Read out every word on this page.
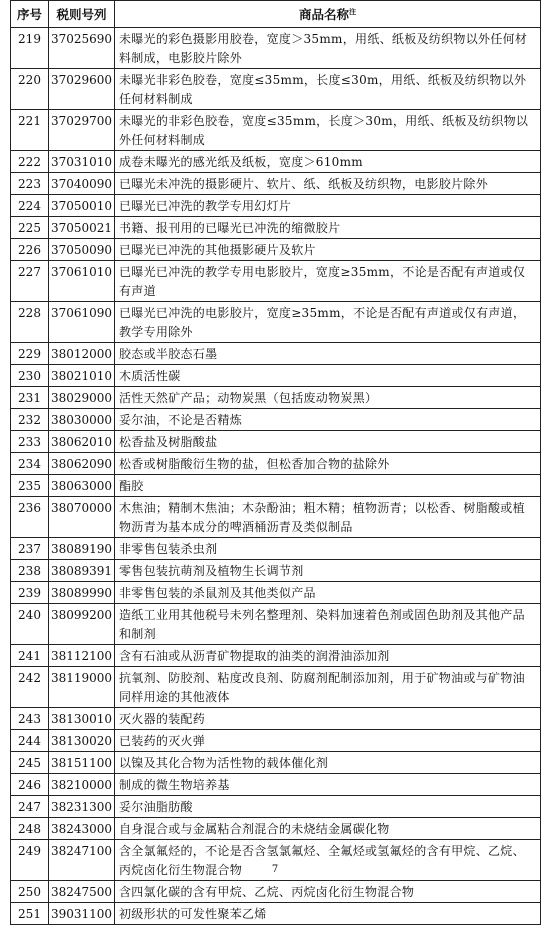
序号	税则号列	商品名称$^注$
219	37025690	未曝光的彩色摄影用胶卷，宽度＞35mm，用纸、纸板及纺织物以外任何材料制成，电影胶片除外
220	37029600	未曝光非彩色胶卷，宽度≤35mm，长度≤30m，用纸、纸板及纺织物以外任何材料制成
221	37029700	未曝光的非彩色胶卷，宽度≤35mm，长度＞30m，用纸、纸板及纺织物以外任何材料制成
222	37031010	成卷未曝光的感光纸及纸板，宽度＞610mm
223	37040090	已曝光未冲洗的摄影硬片、软片、纸、纸板及纺织物，电影胶片除外
224	37050010	已曝光已冲洗的教学专用幻灯片
225	37050021	书籍、报刊用的已曝光已冲洗的缩微胶片
226	37050090	已曝光已冲洗的其他摄影硬片及软片
227	37061010	已曝光已冲洗的教学专用电影胶片，宽度≥35mm，不论是否配有声道或仅有声道
228	37061090	已曝光已冲洗的电影胶片，宽度≥35mm，不论是否配有声道或仅有声道，教学专用除外
229	38012000	胶态或半胶态石墨
230	38021010	木质活性碳
231	38029000	活性天然矿产品；动物炭黑（包括废动物炭黑）
232	38030000	妥尔油，不论是否精炼
233	38062010	松香盐及树脂酸盐
234	38062090	松香或树脂酸衍生物的盐，但松香加合物的盐除外
235	38063000	酯胶
236	38070000	木焦油；精制木焦油；木杂酚油；粗木精；植物沥青；以松香、树脂酸或植物沥青为基本成分的啤酒桶沥青及类似制品
237	38089190	非零售包装杀虫剂
238	38089391	零售包装抗萌剂及植物生长调节剂
239	38089990	非零售包装的杀鼠剂及其他类似产品
240	38099200	造纸工业用其他税号未列名整理剂、染料加速着色剂或固色助剂及其他产品和制剂
241	38112100	含有石油或从沥青矿物提取的油类的润滑油添加剂
242	38119000	抗氧剂、防胶剂、粘度改良剂、防腐剂配制添加剂，用于矿物油或与矿物油同样用途的其他液体
243	38130010	灭火器的装配药
244	38130020	已装药的灭火弹
245	38151100	以镍及其化合物为活性物的载体催化剂
246	38210000	制成的微生物培养基
247	38231300	妥尔油脂肪酸
248	38243000	自身混合或与金属粘合剂混合的未烧结金属碳化物
249	38247100	含全氯氟烃的，不论是否含氢氯氟烃、全氟烃或氢氟烃的含有甲烷、乙烷、丙烷卤化衍生物混合物
250	38247500	含四氯化碳的含有甲烷、乙烷、丙烷卤化衍生物混合物
251	39031100	初级形状的可发性聚苯乙烯
7
